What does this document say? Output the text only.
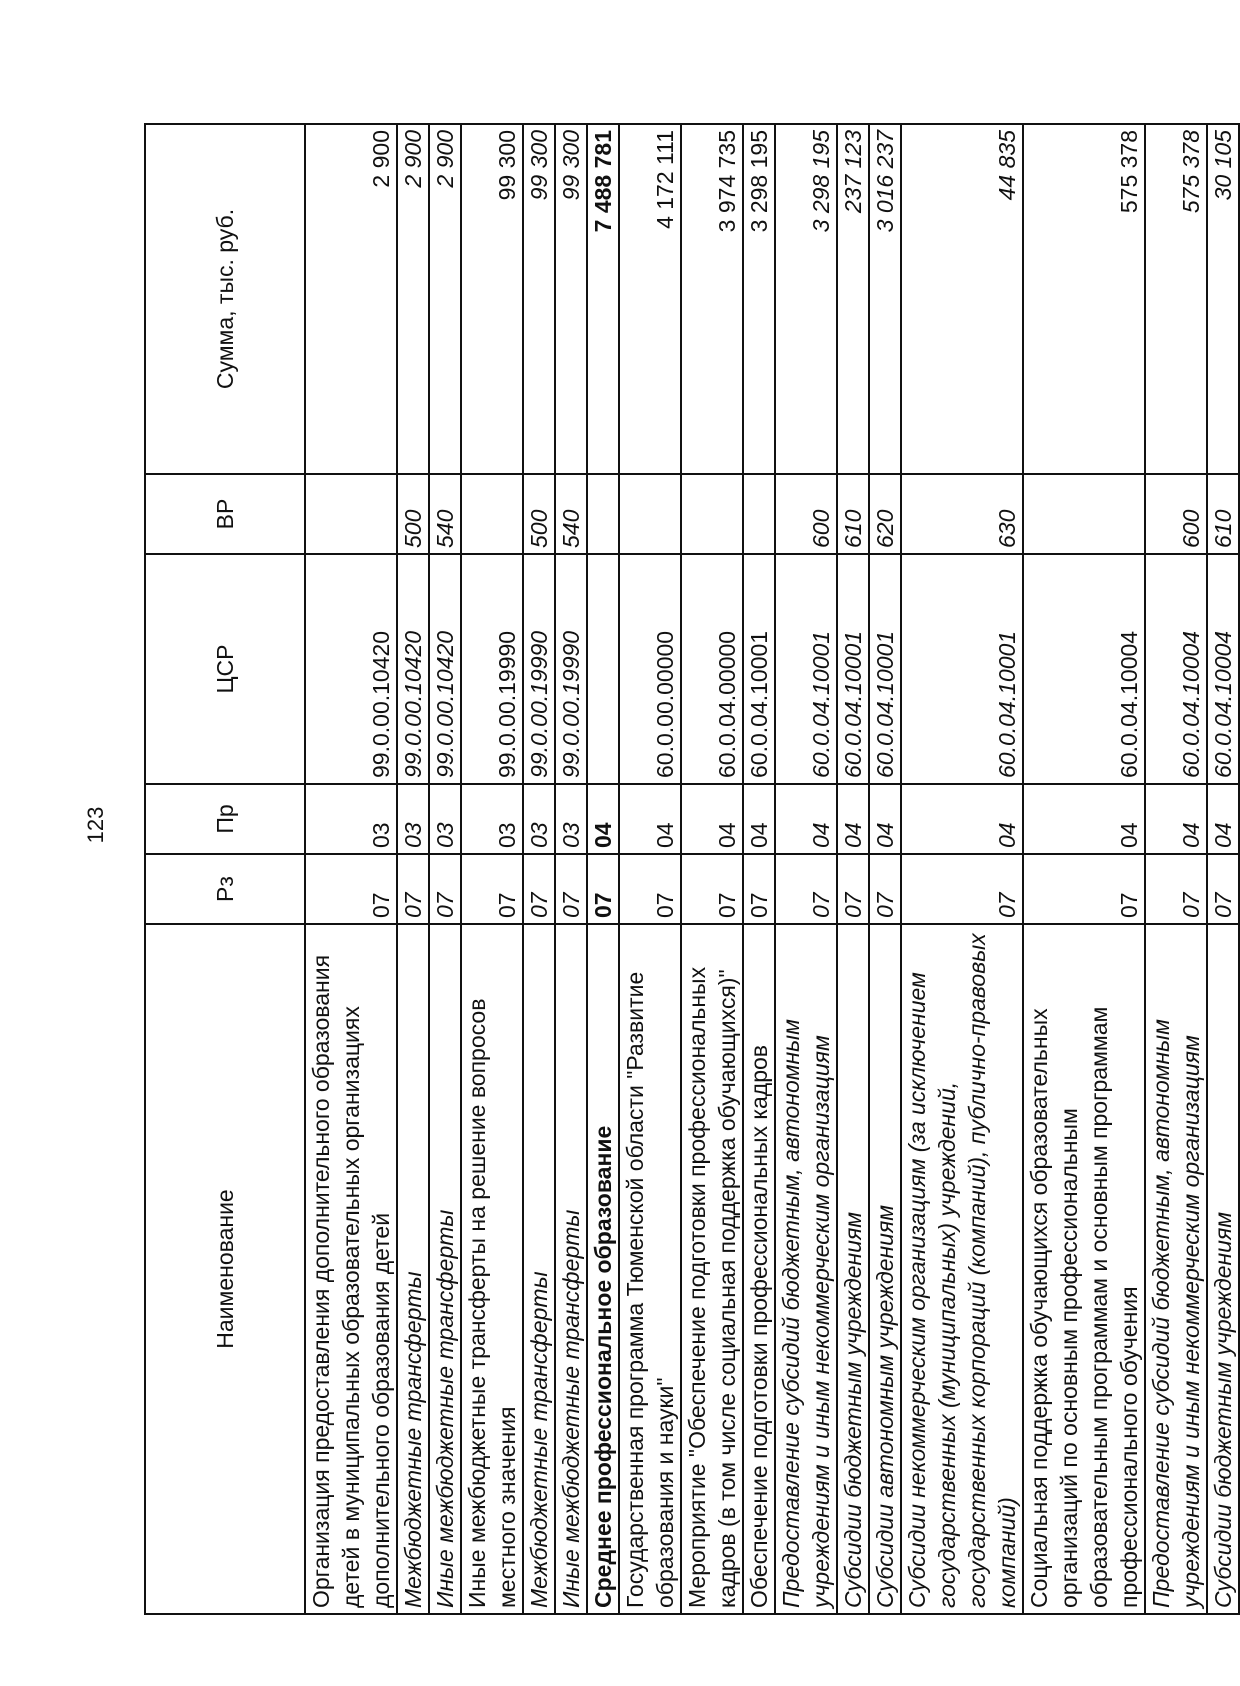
123
Наименование	Рз	Пр	ЦСР	ВР	Сумма, тыс. руб.
Организация предоставления дополнительного образования детей в муниципальных образовательных организациях дополнительного образования детей	07	03	99.0.00.10420		2 900
Межбюджетные трансферты	07	03	99.0.00.10420	500	2 900
Иные межбюджетные трансферты	07	03	99.0.00.10420	540	2 900
Иные межбюджетные трансферты на решение вопросов местного значения	07	03	99.0.00.19990		99 300
Межбюджетные трансферты	07	03	99.0.00.19990	500	99 300
Иные межбюджетные трансферты	07	03	99.0.00.19990	540	99 300
Среднее профессиональное образование	07	04			7 488 781
Государственная программа Тюменской области "Развитие образования и науки"	07	04	60.0.00.00000		4 172 111
Мероприятие "Обеспечение подготовки профессиональных кадров (в том числе социальная поддержка обучающихся)"	07	04	60.0.04.00000		3 974 735
Обеспечение подготовки профессиональных кадров	07	04	60.0.04.10001		3 298 195
Предоставление субсидий бюджетным, автономным учреждениям и иным некоммерческим организациям	07	04	60.0.04.10001	600	3 298 195
Субсидии бюджетным учреждениям	07	04	60.0.04.10001	610	237 123
Субсидии автономным учреждениям	07	04	60.0.04.10001	620	3 016 237
Субсидии некоммерческим организациям (за исключением государственных (муниципальных) учреждений, государственных корпораций (компаний), публично-правовых компаний)	07	04	60.0.04.10001	630	44 835
Социальная поддержка обучающихся образовательных организаций по основным профессиональным образовательным программам и основным программам профессионального обучения	07	04	60.0.04.10004		575 378
Предоставление субсидий бюджетным, автономным учреждениям и иным некоммерческим организациям	07	04	60.0.04.10004	600	575 378
Субсидии бюджетным учреждениям	07	04	60.0.04.10004	610	30 105
